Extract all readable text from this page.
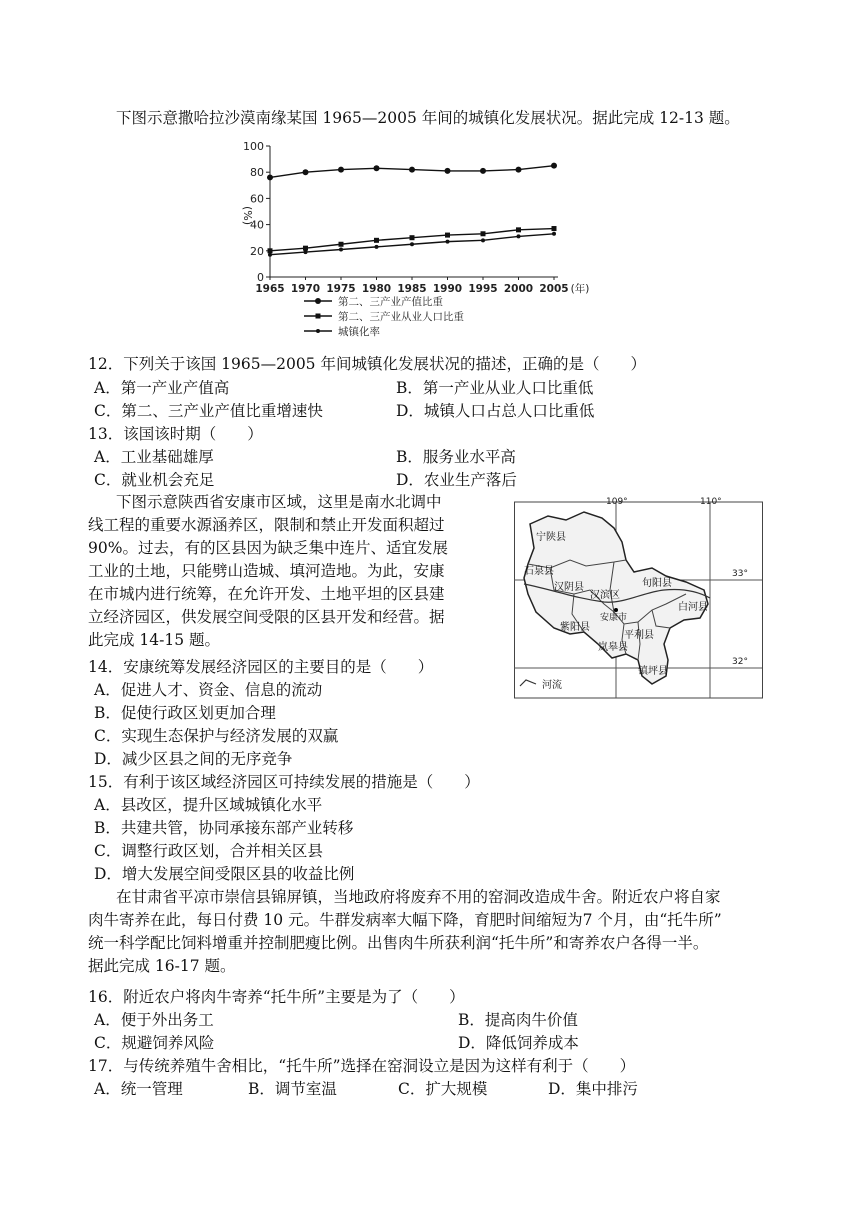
下图示意撒哈拉沙漠南缘某国 1965—2005 年间的城镇化发展状况。据此完成 12-13 题。
0
20
40
60
80
100
(%)
1965 1970 1975 1980 1985 1990 1995 2000 2005 (年)
第二、三产业产值比重
第二、三产业从业人口比重
城镇化率
12．下列关于该国 1965—2005 年间城镇化发展状况的描述，正确的是（　　）
A．第一产业产值高	B．第一产业从业人口比重低
C．第二、三产业产值比重增速快	D．城镇人口占总人口比重低
13．该国该时期（　　）
A．工业基础雄厚	B．服务业水平高
C．就业机会充足	D．农业生产落后
下图示意陕西省安康市区域，这里是南水北调中
线工程的重要水源涵养区，限制和禁止开发面积超过
90%。过去，有的区县因为缺乏集中连片、适宜发展
工业的土地，只能劈山造城、填河造地。为此，安康
在市城内进行统筹，在允许开发、土地平坦的区县建
立经济园区，供发展空间受限的区县开发和经营。据
此完成 14-15 题。
109°	110°
33°
32°
宁陕县
石泉县
汉阴县
汉滨区
旬阳县
白河县
紫阳县
岚皋县
平利县
镇坪县
安康市
河流
14．安康统筹发展经济园区的主要目的是（　　）
A．促进人才、资金、信息的流动
B．促使行政区划更加合理
C．实现生态保护与经济发展的双赢
D．减少区县之间的无序竞争
15．有利于该区域经济园区可持续发展的措施是（　　）
A．县改区，提升区域城镇化水平
B．共建共管，协同承接东部产业转移
C．调整行政区划，合并相关区县
D．增大发展空间受限区县的收益比例
在甘肃省平凉市崇信县锦屏镇，当地政府将废弃不用的窑洞改造成牛舍。附近农户将自家
肉牛寄养在此，每日付费 10 元。牛群发病率大幅下降，育肥时间缩短为7 个月，由“托牛所”
统一科学配比饲料增重并控制肥瘦比例。出售肉牛所获利润“托牛所”和寄养农户各得一半。
据此完成 16-17 题。
16．附近农户将肉牛寄养“托牛所”主要是为了（　　）
A．便于外出务工	B．提高肉牛价值
C．规避饲养风险	D．降低饲养成本
17．与传统养殖牛舍相比，“托牛所”选择在窑洞设立是因为这样有利于（　　）
A．统一管理	B．调节室温	C．扩大规模	D．集中排污
